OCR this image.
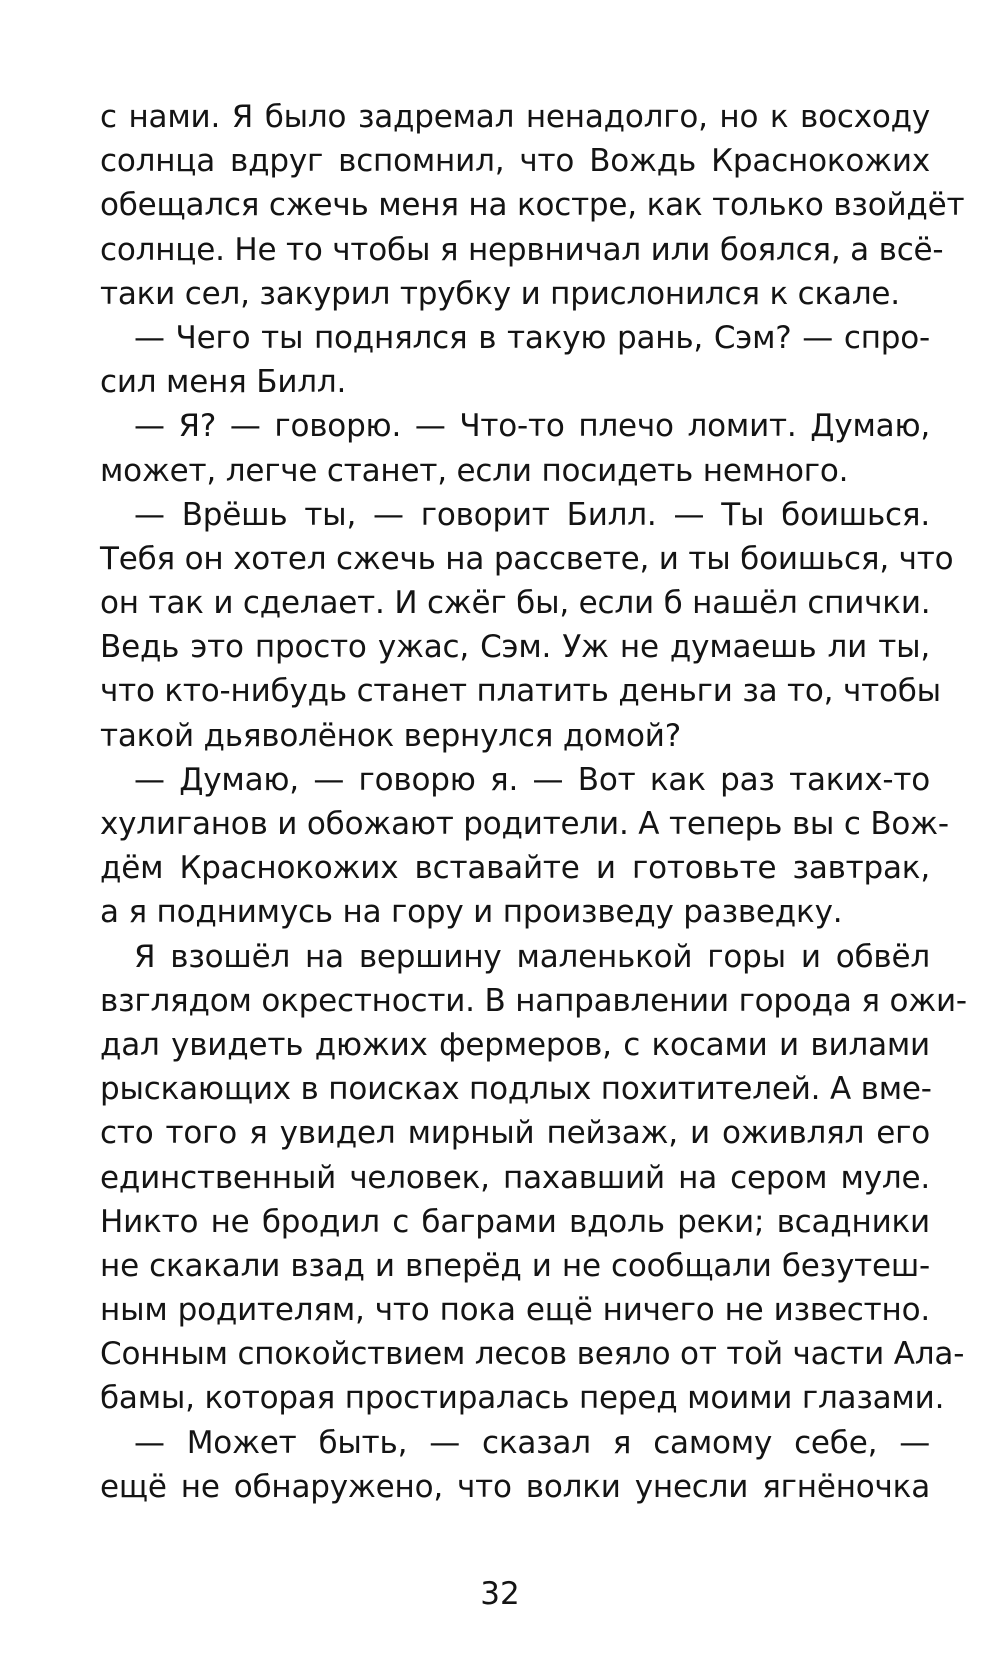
с нами. Я было задремал ненадолго, но к восходу
солнца вдруг вспомнил, что Вождь Краснокожих
обещался сжечь меня на костре, как только взойдёт
солнце. Не то чтобы я нервничал или боялся, а всё-
таки сел, закурил трубку и прислонился к скале.
— Чего ты поднялся в такую рань, Сэм? — спро-
сил меня Билл.
— Я? — говорю. — Что-то плечо ломит. Думаю,
может, легче станет, если посидеть немного.
— Врёшь ты, — говорит Билл. — Ты боишься.
Тебя он хотел сжечь на рассвете, и ты боишься, что
он так и сделает. И сжёг бы, если б нашёл спички.
Ведь это просто ужас, Сэм. Уж не думаешь ли ты,
что кто-нибудь станет платить деньги за то, чтобы
такой дьяволёнок вернулся домой?
— Думаю, — говорю я. — Вот как раз таких-то
хулиганов и обожают родители. А теперь вы с Вож-
дём Краснокожих вставайте и готовьте завтрак,
а я поднимусь на гору и произведу разведку.
Я взошёл на вершину маленькой горы и обвёл
взглядом окрестности. В направлении города я ожи-
дал увидеть дюжих фермеров, с косами и вилами
рыскающих в поисках подлых похитителей. А вме-
сто того я увидел мирный пейзаж, и оживлял его
единственный человек, пахавший на сером муле.
Никто не бродил с баграми вдоль реки; всадники
не скакали взад и вперёд и не сообщали безутеш-
ным родителям, что пока ещё ничего не известно.
Сонным спокойствием лесов веяло от той части Ала-
бамы, которая простиралась перед моими глазами.
— Может быть, — сказал я самому себе, —
ещё не обнаружено, что волки унесли ягнёночка
32
